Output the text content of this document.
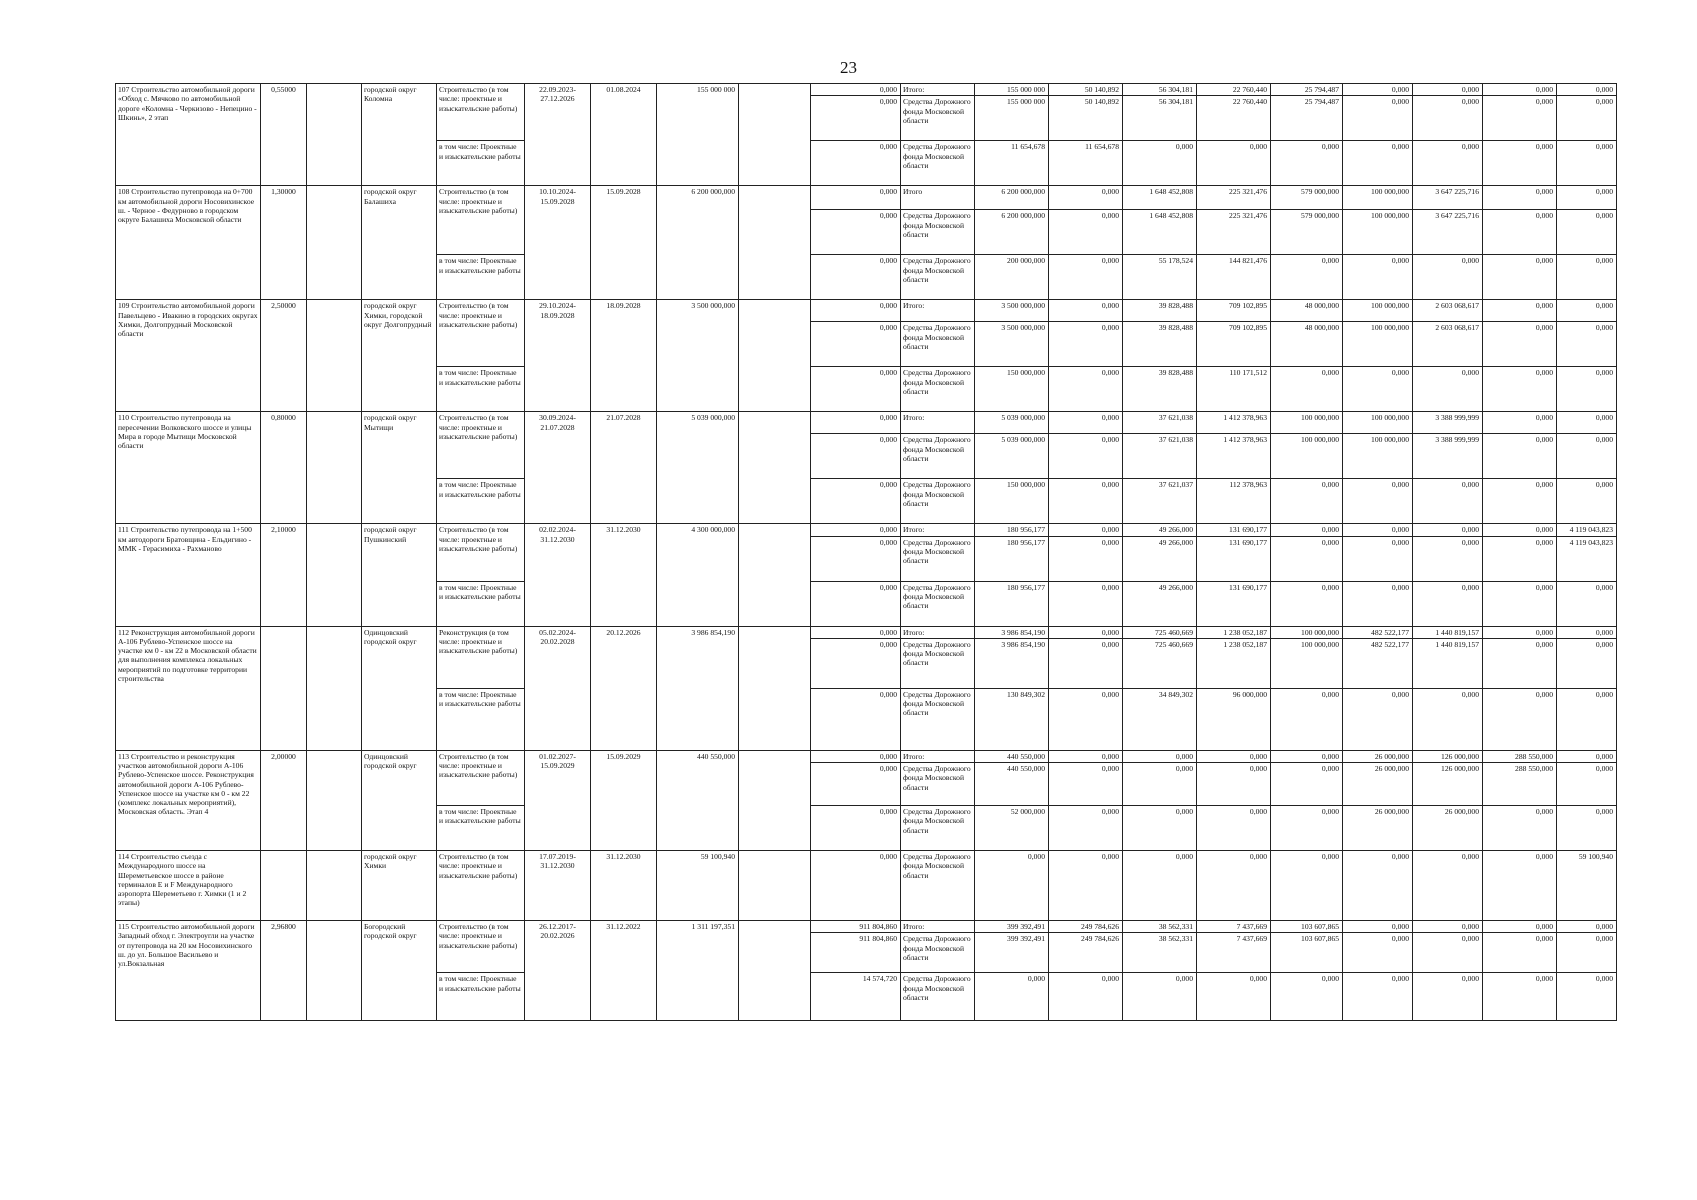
23
107 Строительство автомобильной дороги «Обход с. Мячково по автомобильной дороге «Коломна - Черкизово - Непецино - Шкинь», 2 этап	0,55000		городской округ Коломна	Строительство (в том числе: проектные и изыскательские работы)	22.09.2023-27.12.2026	01.08.2024	155 000 000		0,000	Итого:	155 000 000	50 140,892	56 304,181	22 760,440	25 794,487	0,000	0,000	0,000	0,000	
									0,000	Средства Дорожного фонда Московской области	155 000 000	50 140,892	56 304,181	22 760,440	25 794,487	0,000	0,000	0,000	0,000	
				в том числе: Проектные и изыскательские работы					0,000	Средства Дорожного фонда Московской области	11 654,678	11 654,678	0,000	0,000	0,000	0,000	0,000	0,000	0,000	
108 Строительство путепровода на 0+700 км автомобильной дороги Носовихинское ш. - Черное - Федурново в городском округе Балашиха Московской области	1,30000		городской округ Балашиха	Строительство (в том числе: проектные и изыскательские работы)	10.10.2024-15.09.2028	15.09.2028	6 200 000,000		0,000	Итого	6 200 000,000	0,000	1 648 452,808	225 321,476	579 000,000	100 000,000	3 647 225,716	0,000	0,000	
									0,000	Средства Дорожного фонда Московской области	6 200 000,000	0,000	1 648 452,808	225 321,476	579 000,000	100 000,000	3 647 225,716	0,000	0,000	
				в том числе: Проектные и изыскательские работы					0,000	Средства Дорожного фонда Московской области	200 000,000	0,000	55 178,524	144 821,476	0,000	0,000	0,000	0,000	0,000	
109 Строительство автомобильной дороги Павельцево - Ивакино в городских округах Химки, Долгопрудный Московской области	2,50000		городской округ Химки, городской округ Долгопрудный	Строительство (в том числе: проектные и изыскательские работы)	29.10.2024-18.09.2028	18.09.2028	3 500 000,000		0,000	Итого:	3 500 000,000	0,000	39 828,488	709 102,895	48 000,000	100 000,000	2 603 068,617	0,000	0,000	
									0,000	Средства Дорожного фонда Московской области	3 500 000,000	0,000	39 828,488	709 102,895	48 000,000	100 000,000	2 603 068,617	0,000	0,000	
				в том числе: Проектные и изыскательские работы					0,000	Средства Дорожного фонда Московской области	150 000,000	0,000	39 828,488	110 171,512	0,000	0,000	0,000	0,000	0,000	
110 Строительство путепровода на пересечении Волковского шоссе и улицы Мира в городе Мытищи Московской области	0,80000		городской округ Мытищи	Строительство (в том числе: проектные и изыскательские работы)	30.09.2024-21.07.2028	21.07.2028	5 039 000,000		0,000	Итого:	5 039 000,000	0,000	37 621,038	1 412 378,963	100 000,000	100 000,000	3 388 999,999	0,000	0,000	
									0,000	Средства Дорожного фонда Московской области	5 039 000,000	0,000	37 621,038	1 412 378,963	100 000,000	100 000,000	3 388 999,999	0,000	0,000	
				в том числе: Проектные и изыскательские работы					0,000	Средства Дорожного фонда Московской области	150 000,000	0,000	37 621,037	112 378,963	0,000	0,000	0,000	0,000	0,000	
111 Строительство путепровода на 1+500 км автодороги Братовщина - Ельдигино - ММК - Герасимиха - Рахманово	2,10000		городской округ Пушкинский	Строительство (в том числе: проектные и изыскательские работы)	02.02.2024-31.12.2030	31.12.2030	4 300 000,000		0,000	Итого:	180 956,177	0,000	49 266,000	131 690,177	0,000	0,000	0,000	0,000	4 119 043,823	
									0,000	Средства Дорожного фонда Московской области	180 956,177	0,000	49 266,000	131 690,177	0,000	0,000	0,000	0,000	4 119 043,823	
				в том числе: Проектные и изыскательские работы					0,000	Средства Дорожного фонда Московской области	180 956,177	0,000	49 266,000	131 690,177	0,000	0,000	0,000	0,000	0,000	
112 Реконструкция автомобильной дороги А-106 Рублево-Успенское шоссе на участке км 0 - км 22 в Московской области для выполнения комплекса локальных мероприятий по подготовке территории строительства			Одинцовский городской округ	Реконструкция (в том числе: проектные и изыскательские работы)	05.02.2024-20.02.2028	20.12.2026	3 986 854,190		0,000	Итого:	3 986 854,190	0,000	725 460,669	1 238 052,187	100 000,000	482 522,177	1 440 819,157	0,000	0,000	
									0,000	Средства Дорожного фонда Московской области	3 986 854,190	0,000	725 460,669	1 238 052,187	100 000,000	482 522,177	1 440 819,157	0,000	0,000	
				в том числе: Проектные и изыскательские работы					0,000	Средства Дорожного фонда Московской области	130 849,302	0,000	34 849,302	96 000,000	0,000	0,000	0,000	0,000	0,000	
113 Строительство и реконструкция участков автомобильной дороги А-106 Рублево-Успенское шоссе. Реконструкция автомобильной дороги А-106 Рублево-Успенское шоссе на участке км 0 - км 22 (комплекс локальных мероприятий), Московская область. Этап 4	2,00000		Одинцовский городской округ	Строительство (в том числе: проектные и изыскательские работы)	01.02.2027-15.09.2029	15.09.2029	440 550,000		0,000	Итого:	440 550,000	0,000	0,000	0,000	0,000	26 000,000	126 000,000	288 550,000	0,000	
									0,000	Средства Дорожного фонда Московской области	440 550,000	0,000	0,000	0,000	0,000	26 000,000	126 000,000	288 550,000	0,000	
				в том числе: Проектные и изыскательские работы					0,000	Средства Дорожного фонда Московской области	52 000,000	0,000	0,000	0,000	0,000	26 000,000	26 000,000	0,000	0,000	
114 Строительство съезда с Международного шоссе на Шереметьевское шоссе в районе терминалов E и F Международного аэропорта Шереметьево г. Химки (1 и 2 этапы)			городской округ Химки	Строительство (в том числе: проектные и изыскательские работы)	17.07.2019-31.12.2030	31.12.2030	59 100,940		0,000	Средства Дорожного фонда Московской области	0,000	0,000	0,000	0,000	0,000	0,000	0,000	0,000	59 100,940	
115 Строительство автомобильной дороги Западный обход г. Электроугли на участке от путепровода на 20 км Носовихинского ш. до ул. Большое Васильево и ул.Вокзальная	2,96800		Богородский городской округ	Строительство (в том числе: проектные и изыскательские работы)	26.12.2017-20.02.2026	31.12.2022	1 311 197,351		911 804,860	Итого:	399 392,491	249 784,626	38 562,331	7 437,669	103 607,865	0,000	0,000	0,000	0,000	
									911 804,860	Средства Дорожного фонда Московской области	399 392,491	249 784,626	38 562,331	7 437,669	103 607,865	0,000	0,000	0,000	0,000	
				в том числе: Проектные и изыскательские работы					14 574,720	Средства Дорожного фонда Московской области	0,000	0,000	0,000	0,000	0,000	0,000	0,000	0,000	0,000	
